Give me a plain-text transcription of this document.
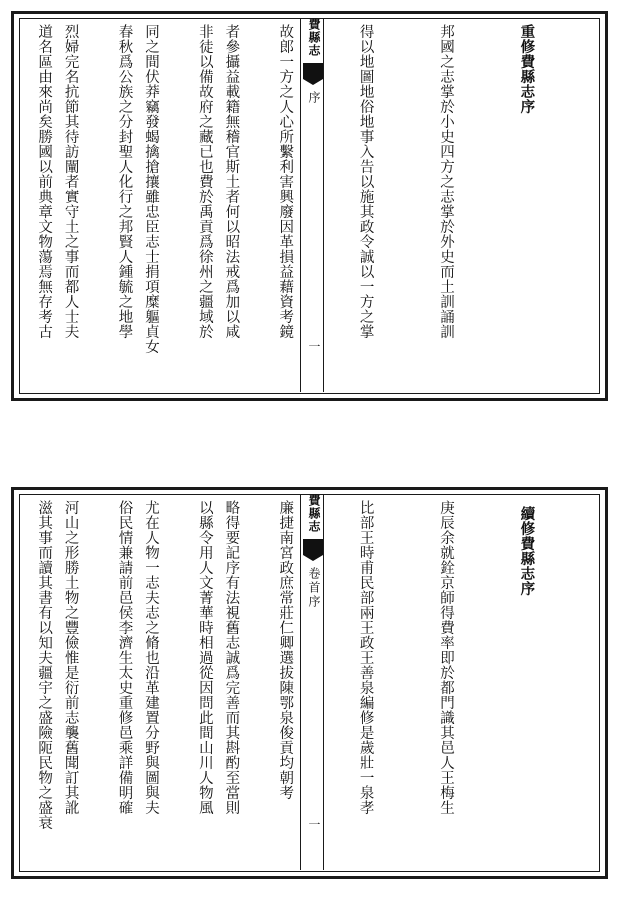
重修費縣志序

邦國之志掌於小史四方之志掌於外史而土訓誦訓

得以地圖地俗地事入告以施其政令誠以一方之掌

故郎一方之人心所繫利害興廢因革損益藉資考鏡

非徒以備故府之藏已也費於禹貢爲徐州之疆域於

春秋爲公族之分封聖人化行之邦賢人鍾毓之地學

道名區由來尚矣勝國以前典章文物蕩焉無存考古

	費縣志
序
一

者參攝益載籍無稽官斯土者何以昭法戒爲加以咸

同之間伏莽竊發蝎擒搶攘雖忠臣志士捐項糜軀貞女

烈婦完名抗節其待訪闡者實守土之事而都人士夫

續修費縣志序

庚辰余就銓京師得費率即於都門識其邑人王梅生

比部王時甫民部兩王政王善泉編修是歲壯一泉孝

廉捷南宮政庶常莊仁卿選拔陳鄂泉俊貢均朝考

以縣令用人文菁華時相過從因問此間山川人物風

俗民情兼請前邑侯李濟生太史重修邑乘詳備明確

滋其事而讀其書有以知夫疆宇之盛險阨民物之盛衰

	費縣志
卷首序
一

略得要記序有法視舊志誠爲完善而其斟酌至當則

尤在人物一志夫志之脩也沿革建置分野與圖與夫

河山之形勝土物之豐儉惟是衍前志襲舊聞訂其訛
